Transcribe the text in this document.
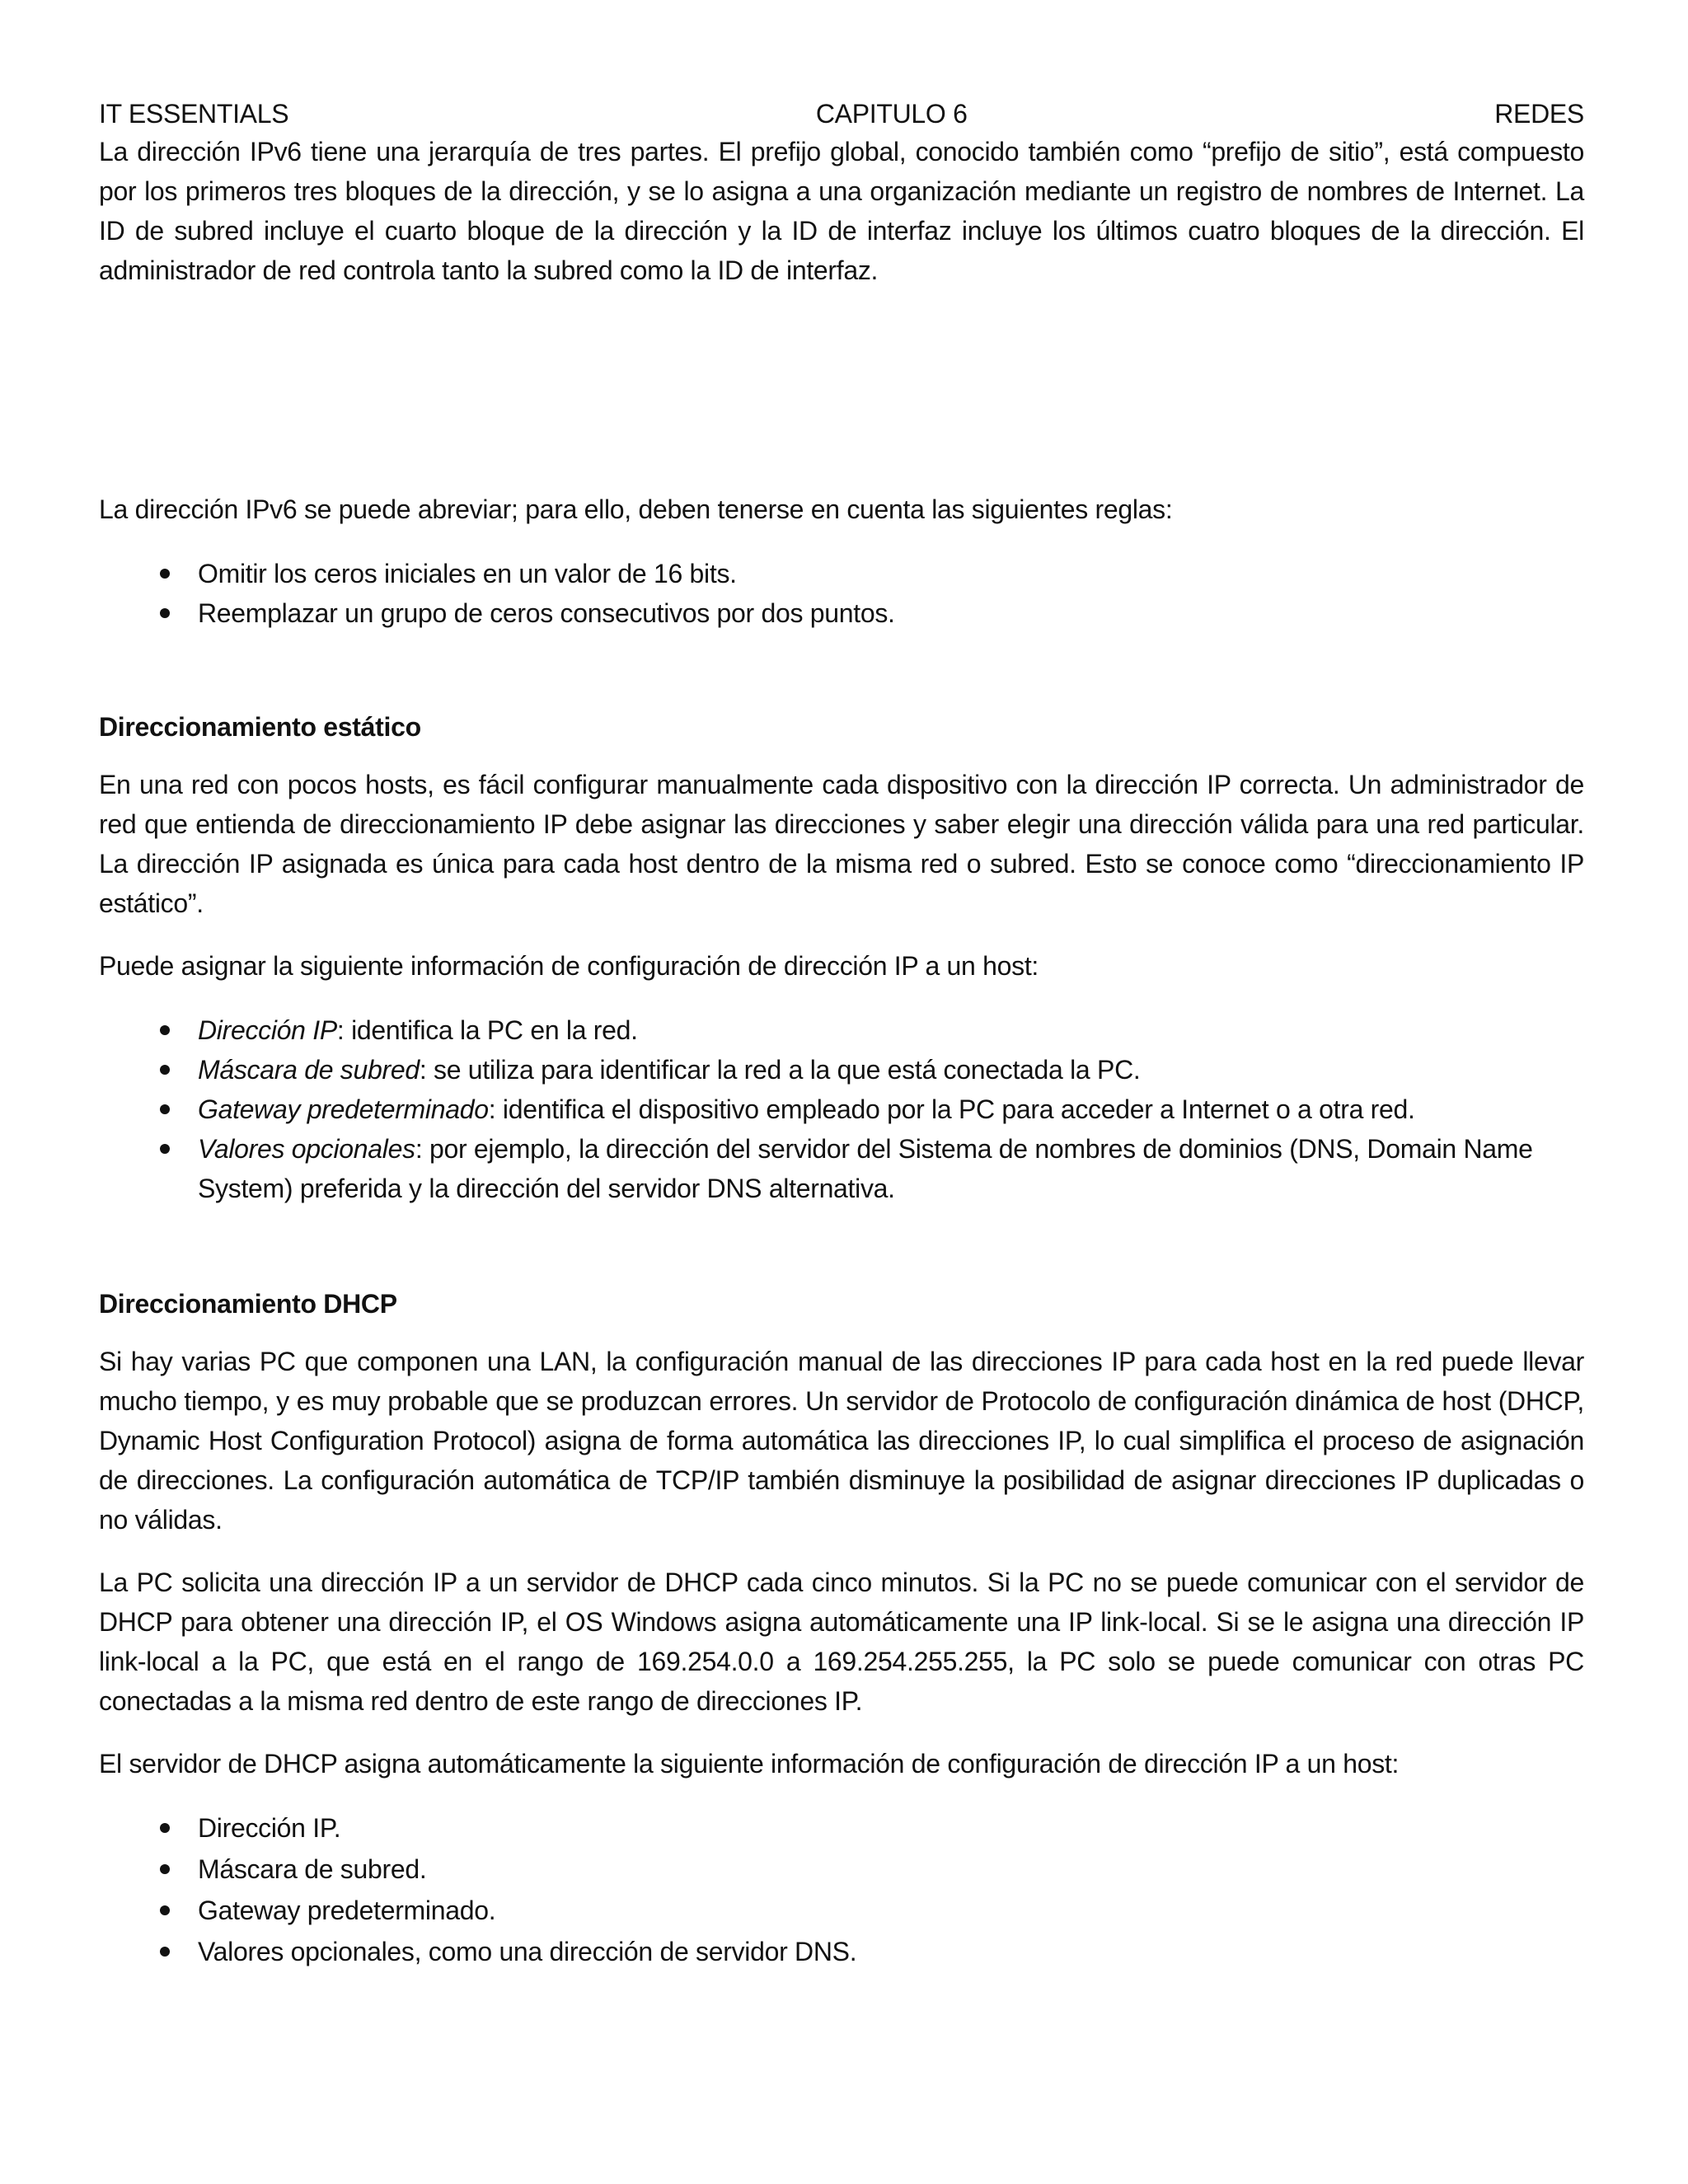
IT ESSENTIALS	CAPITULO 6	REDES

La dirección IPv6 tiene una jerarquía de tres partes. El prefijo global, conocido también como “prefijo de sitio”, está compuesto por los primeros tres bloques de la dirección, y se lo asigna a una organización mediante un registro de nombres de Internet. La ID de subred incluye el cuarto bloque de la dirección y la ID de interfaz incluye los últimos cuatro bloques de la dirección. El administrador de red controla tanto la subred como la ID de interfaz.

La dirección IPv6 se puede abreviar; para ello, deben tenerse en cuenta las siguientes reglas:

Omitir los ceros iniciales en un valor de 16 bits.
Reemplazar un grupo de ceros consecutivos por dos puntos.
Direccionamiento estático

En una red con pocos hosts, es fácil configurar manualmente cada dispositivo con la dirección IP correcta. Un administrador de red que entienda de direccionamiento IP debe asignar las direcciones y saber elegir una dirección válida para una red particular. La dirección IP asignada es única para cada host dentro de la misma red o subred. Esto se conoce como “direccionamiento IP estático”.

Puede asignar la siguiente información de configuración de dirección IP a un host:

Dirección IP: identifica la PC en la red.
Máscara de subred: se utiliza para identificar la red a la que está conectada la PC.
Gateway predeterminado: identifica el dispositivo empleado por la PC para acceder a Internet o a otra red.
Valores opcionales: por ejemplo, la dirección del servidor del Sistema de nombres de dominios (DNS, Domain Name System) preferida y la dirección del servidor DNS alternativa.
Direccionamiento DHCP

Si hay varias PC que componen una LAN, la configuración manual de las direcciones IP para cada host en la red puede llevar mucho tiempo, y es muy probable que se produzcan errores. Un servidor de Protocolo de configuración dinámica de host (DHCP, Dynamic Host Configuration Protocol) asigna de forma automática las direcciones IP, lo cual simplifica el proceso de asignación de direcciones. La configuración automática de TCP/IP también disminuye la posibilidad de asignar direcciones IP duplicadas o no válidas.

La PC solicita una dirección IP a un servidor de DHCP cada cinco minutos. Si la PC no se puede comunicar con el servidor de DHCP para obtener una dirección IP, el OS Windows asigna automáticamente una IP link-local. Si se le asigna una dirección IP link-local a la PC, que está en el rango de 169.254.0.0 a 169.254.255.255, la PC solo se puede comunicar con otras PC conectadas a la misma red dentro de este rango de direcciones IP.

El servidor de DHCP asigna automáticamente la siguiente información de configuración de dirección IP a un host:

Dirección IP.
Máscara de subred.
Gateway predeterminado.
Valores opcionales, como una dirección de servidor DNS.
